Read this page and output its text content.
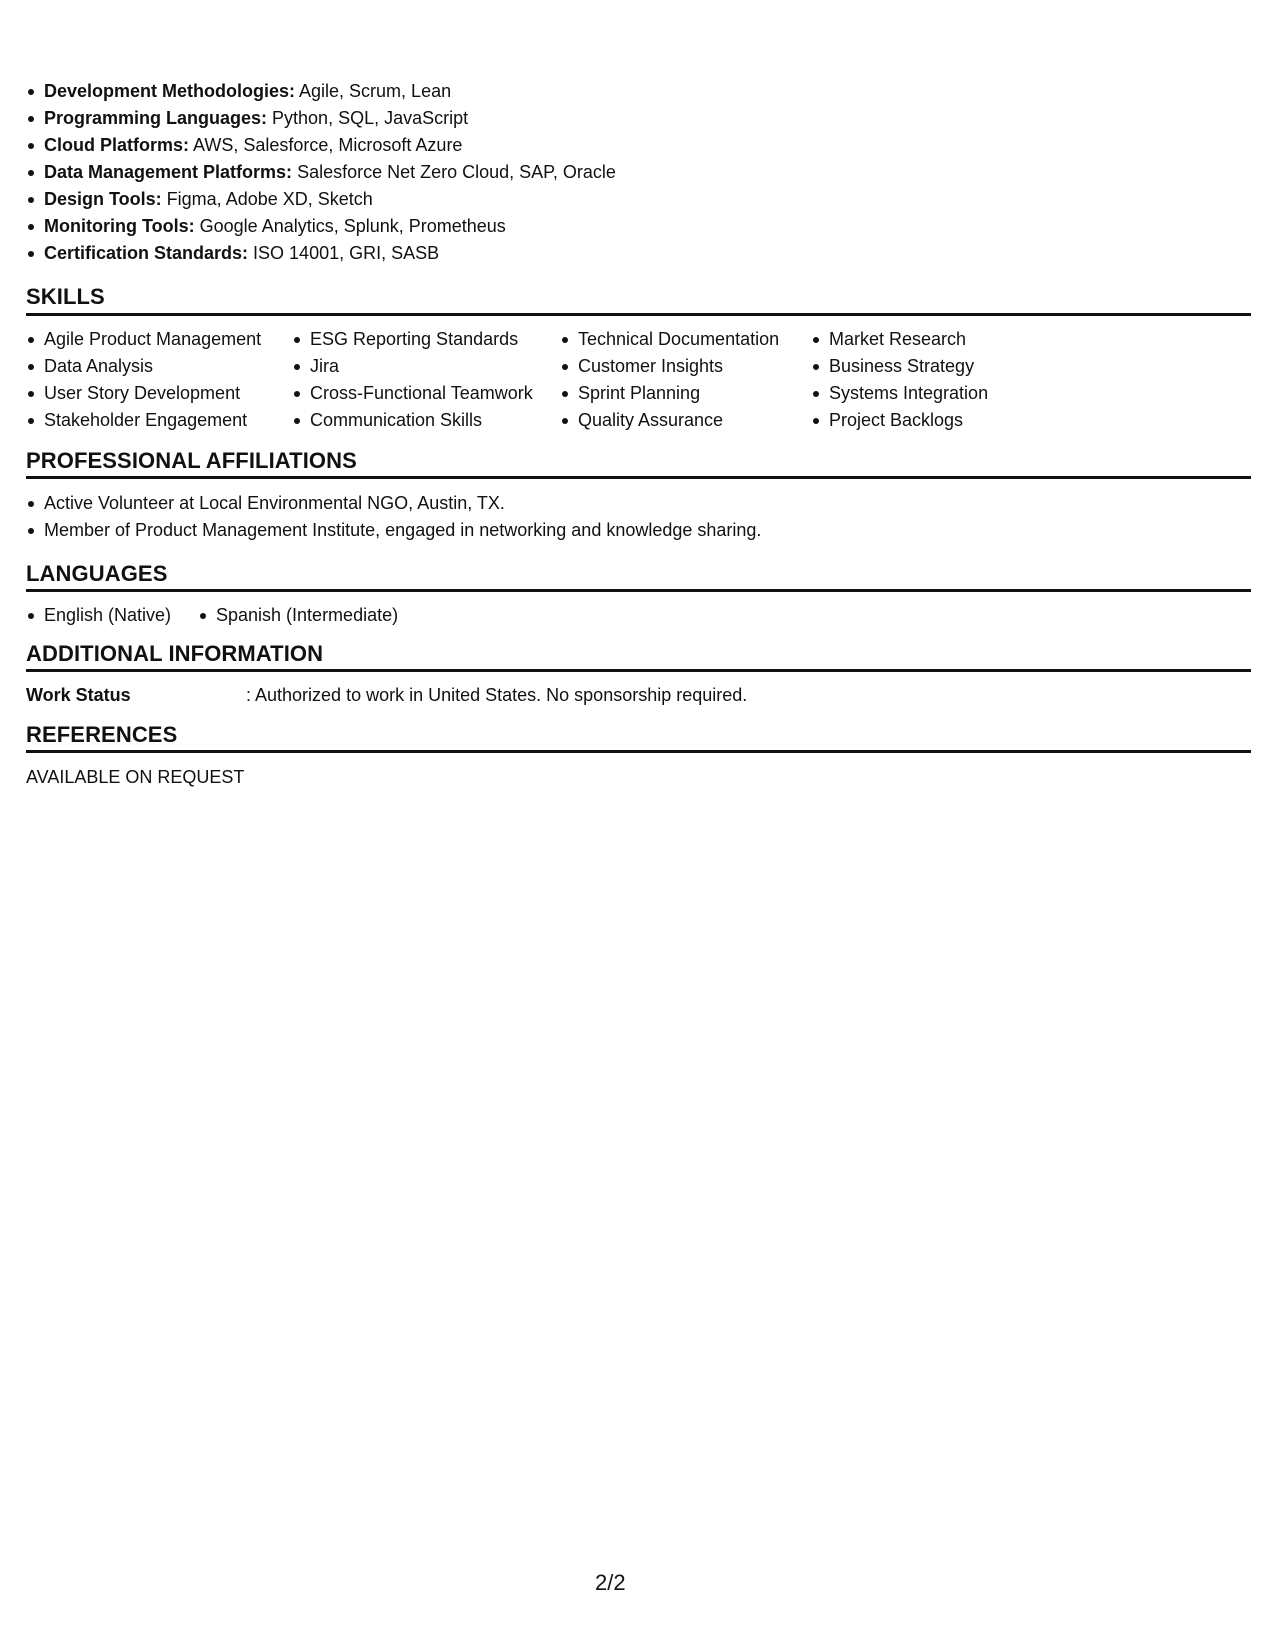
Development Methodologies: Agile, Scrum, Lean
Programming Languages: Python, SQL, JavaScript
Cloud Platforms: AWS, Salesforce, Microsoft Azure
Data Management Platforms: Salesforce Net Zero Cloud, SAP, Oracle
Design Tools: Figma, Adobe XD, Sketch
Monitoring Tools: Google Analytics, Splunk, Prometheus
Certification Standards: ISO 14001, GRI, SASB
SKILLS
Agile Product Management
Data Analysis
User Story Development
Stakeholder Engagement
ESG Reporting Standards
Jira
Cross-Functional Teamwork
Communication Skills
Technical Documentation
Customer Insights
Sprint Planning
Quality Assurance
Market Research
Business Strategy
Systems Integration
Project Backlogs
PROFESSIONAL AFFILIATIONS
Active Volunteer at Local Environmental NGO, Austin, TX.
Member of Product Management Institute, engaged in networking and knowledge sharing.
LANGUAGES
English (Native)	Spanish (Intermediate)
ADDITIONAL INFORMATION
Work Status	: Authorized to work in United States. No sponsorship required.
REFERENCES
AVAILABLE ON REQUEST
2/2
